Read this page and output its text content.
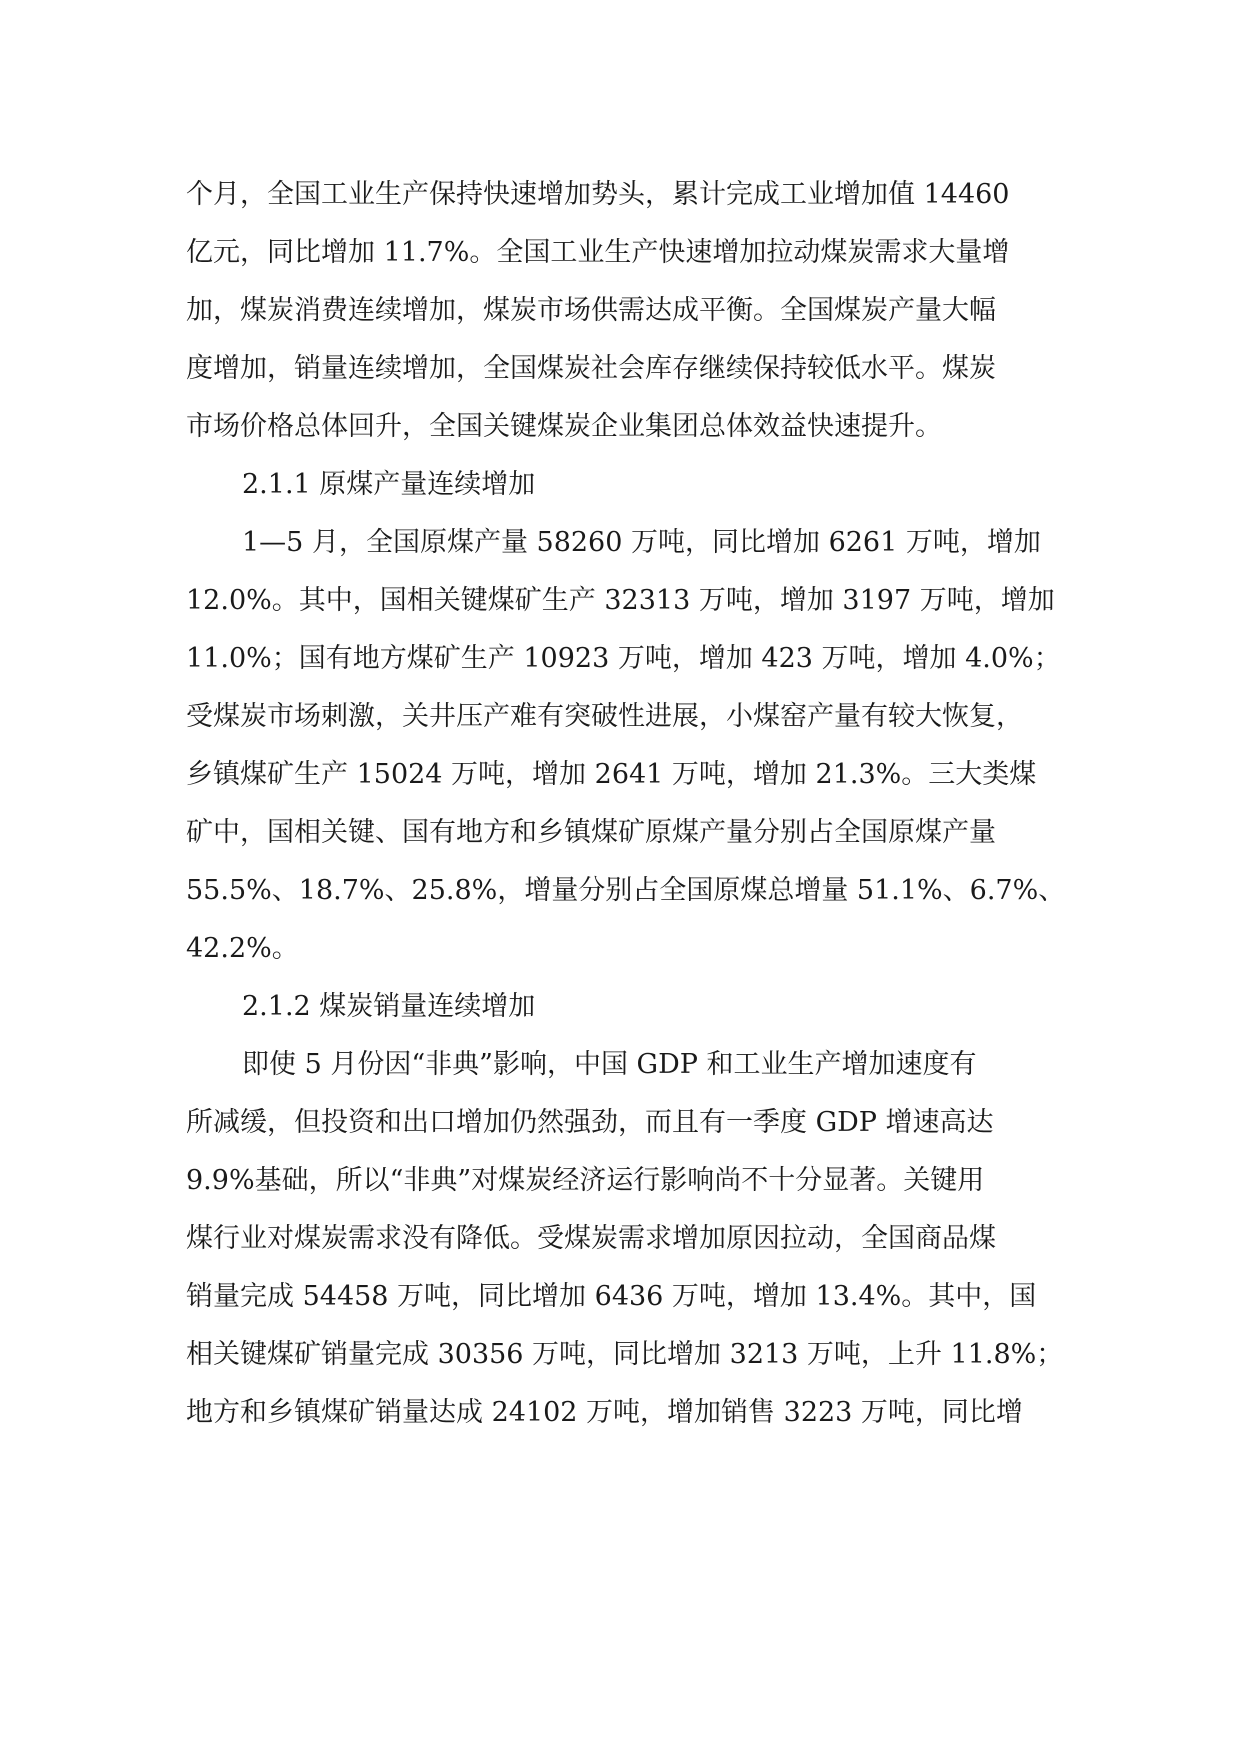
个月，全国工业生产保持快速增加势头，累计完成工业增加值 14460
亿元，同比增加 11.7%。全国工业生产快速增加拉动煤炭需求大量增
加，煤炭消费连续增加，煤炭市场供需达成平衡。全国煤炭产量大幅
度增加，销量连续增加，全国煤炭社会库存继续保持较低水平。煤炭
市场价格总体回升，全国关键煤炭企业集团总体效益快速提升。
2.1.1 原煤产量连续增加
1—5 月，全国原煤产量 58260 万吨，同比增加 6261 万吨，增加
12.0%。其中，国相关键煤矿生产 32313 万吨，增加 3197 万吨，增加
11.0%；国有地方煤矿生产 10923 万吨，增加 423 万吨，增加 4.0%；
受煤炭市场刺激，关井压产难有突破性进展，小煤窑产量有较大恢复，
乡镇煤矿生产 15024 万吨，增加 2641 万吨，增加 21.3%。三大类煤
矿中，国相关键、国有地方和乡镇煤矿原煤产量分别占全国原煤产量
55.5%、18.7%、25.8%，增量分别占全国原煤总增量 51.1%、6.7%、
42.2%。
2.1.2 煤炭销量连续增加
即使 5 月份因“非典”影响，中国 GDP 和工业生产增加速度有
所减缓，但投资和出口增加仍然强劲，而且有一季度 GDP 增速高达
9.9%基础，所以“非典”对煤炭经济运行影响尚不十分显著。关键用
煤行业对煤炭需求没有降低。受煤炭需求增加原因拉动，全国商品煤
销量完成 54458 万吨，同比增加 6436 万吨，增加 13.4%。其中，国
相关键煤矿销量完成 30356 万吨，同比增加 3213 万吨，上升 11.8%；
地方和乡镇煤矿销量达成 24102 万吨，增加销售 3223 万吨，同比增
